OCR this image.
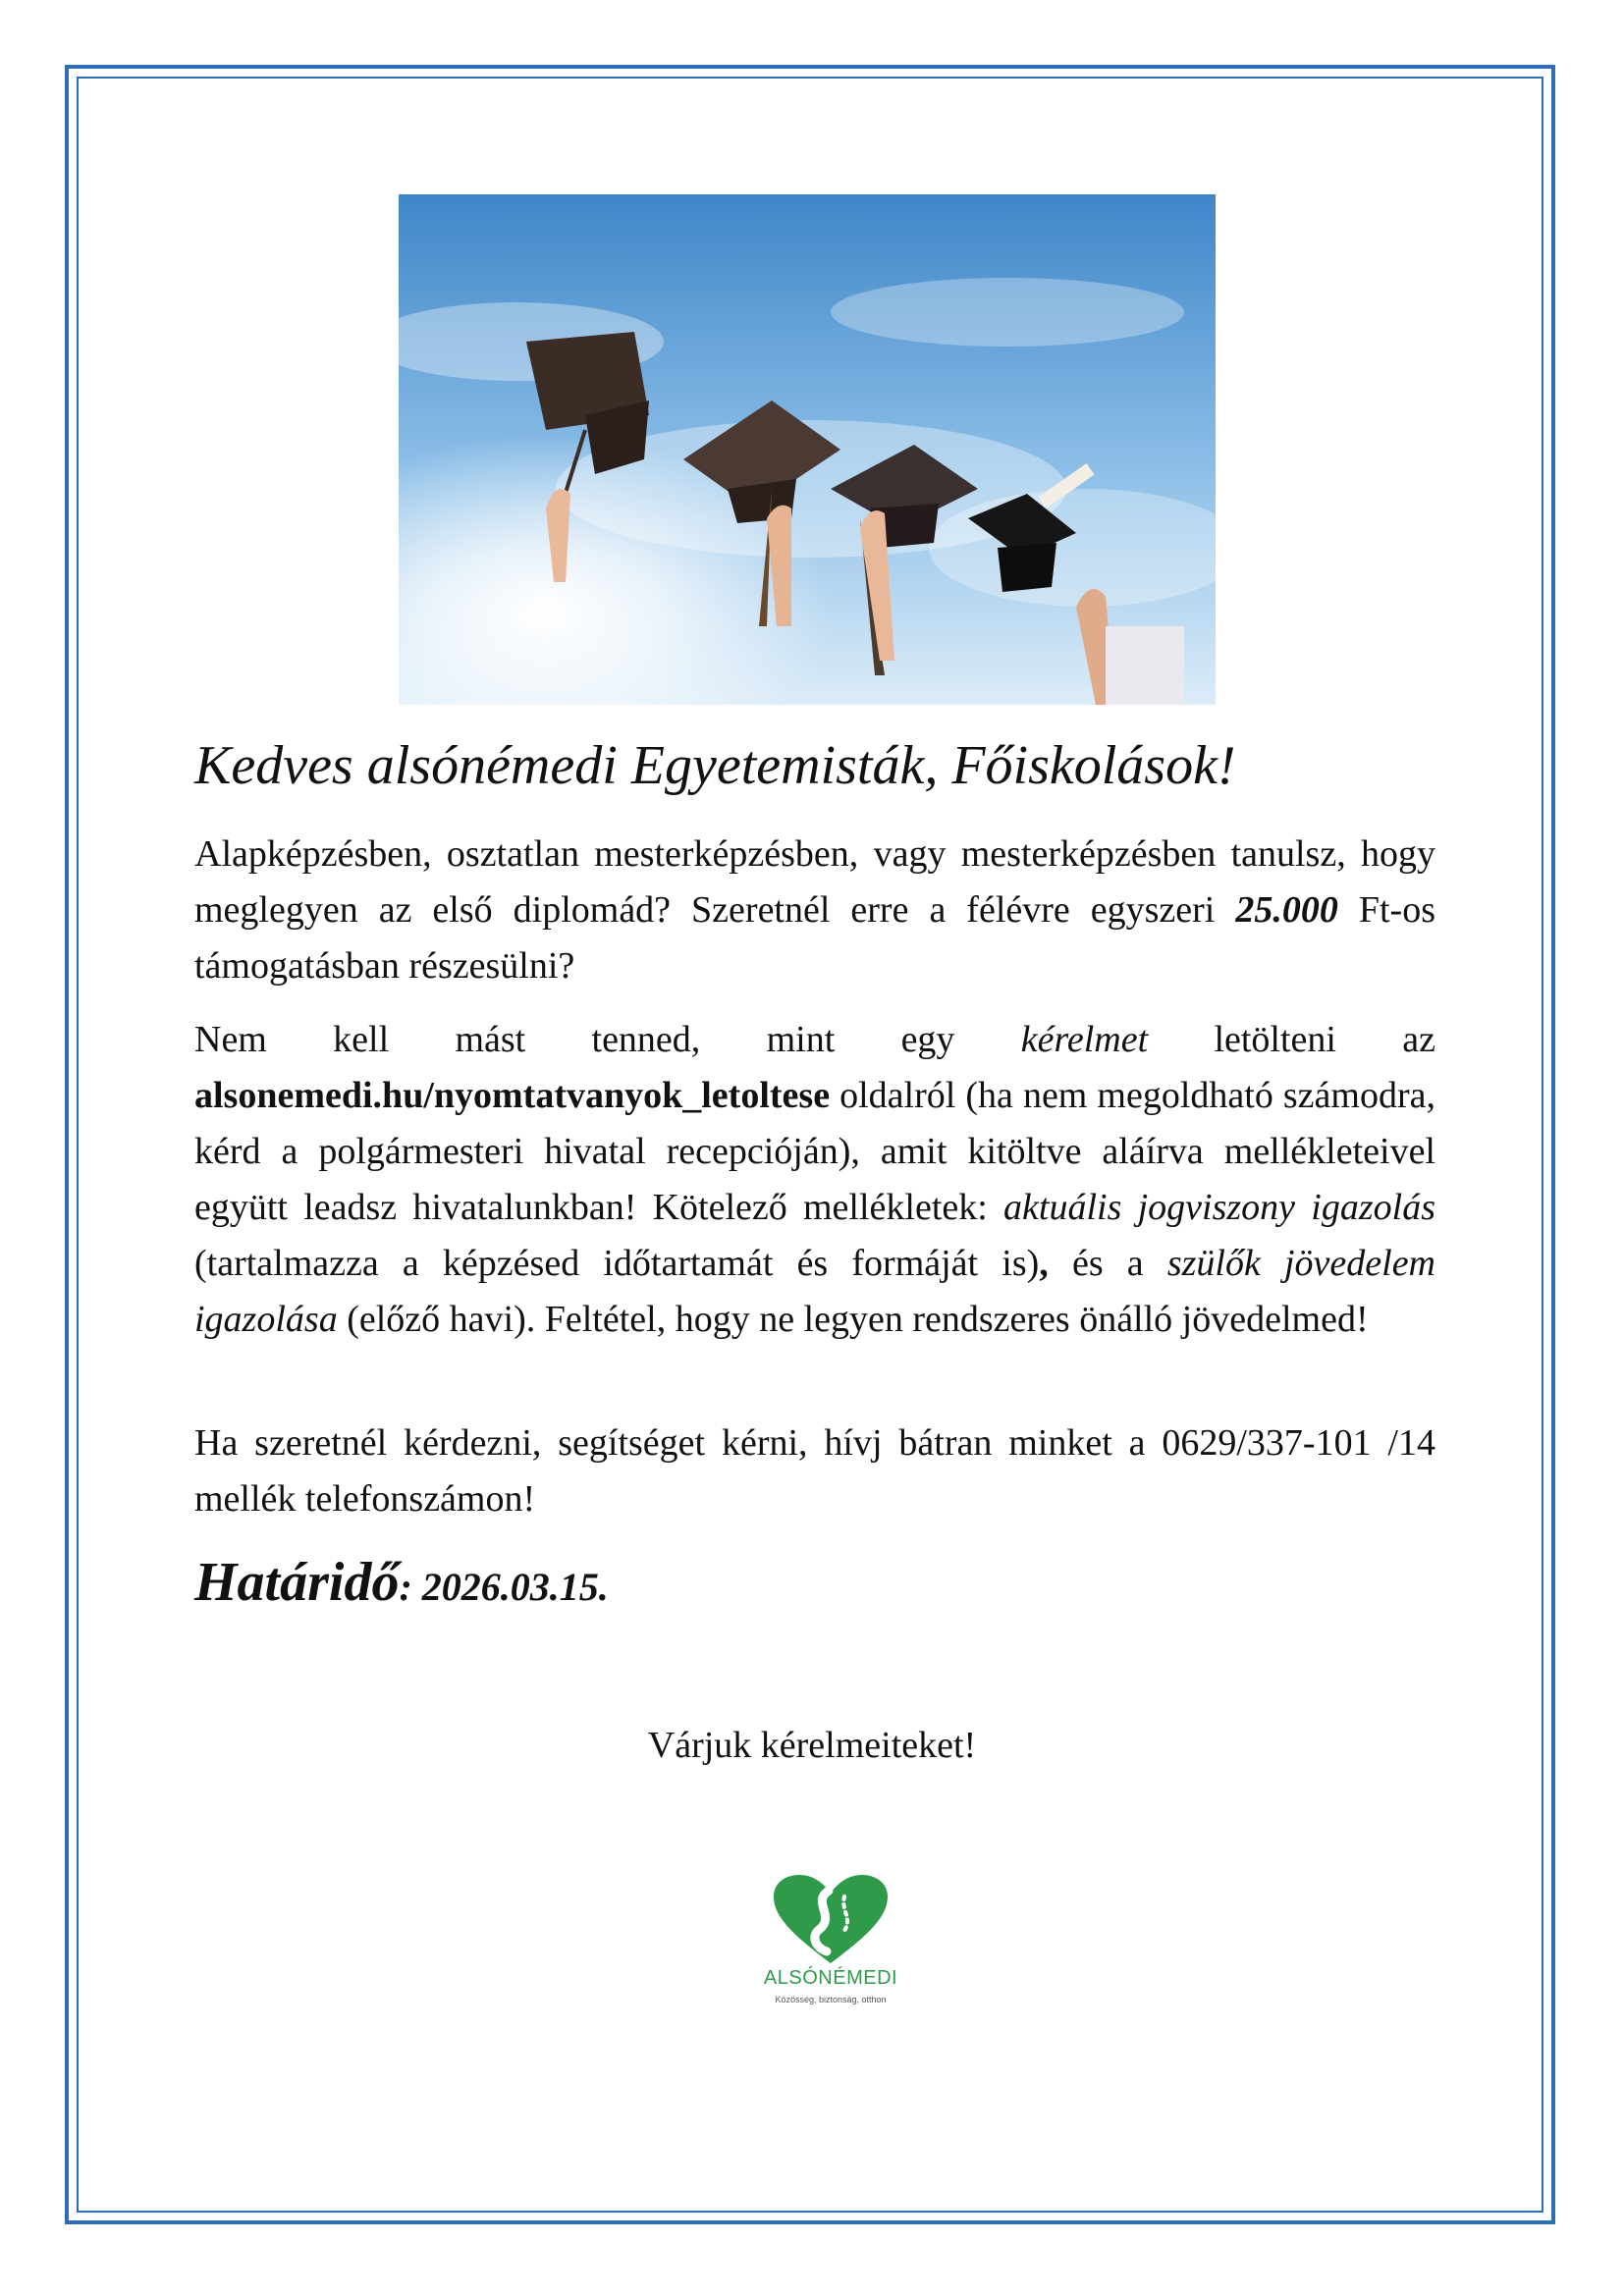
Kedves alsónémedi Egyetemisták, Főiskolások!

Alapképzésben, osztatlan mesterképzésben, vagy mesterképzésben tanulsz, hogy meglegyen az első diplomád? Szeretnél erre a félévre egyszeri 25.000 Ft-os támogatásban részesülni?

Nem kell mást tenned, mint egy kérelmet letölteni az alsonemedi.hu/nyomtatvanyok_letoltese oldalról (ha nem megoldható számodra, kérd a polgármesteri hivatal recepcióján), amit kitöltve aláírva mellékleteivel együtt leadsz hivatalunkban! Kötelező mellékletek: aktuális jogviszony igazolás (tartalmazza a képzésed időtartamát és formáját is), és a szülők jövedelem igazolása (előző havi). Feltétel, hogy ne legyen rendszeres önálló jövedelmed!

Ha szeretnél kérdezni, segítséget kérni, hívj bátran minket a 0629/337-101 /14 mellék telefonszámon!

Határidő: 2026.03.15.

Várjuk kérelmeiteket!

ALSÓNÉMEDI
Közösség, biztonság, otthon
